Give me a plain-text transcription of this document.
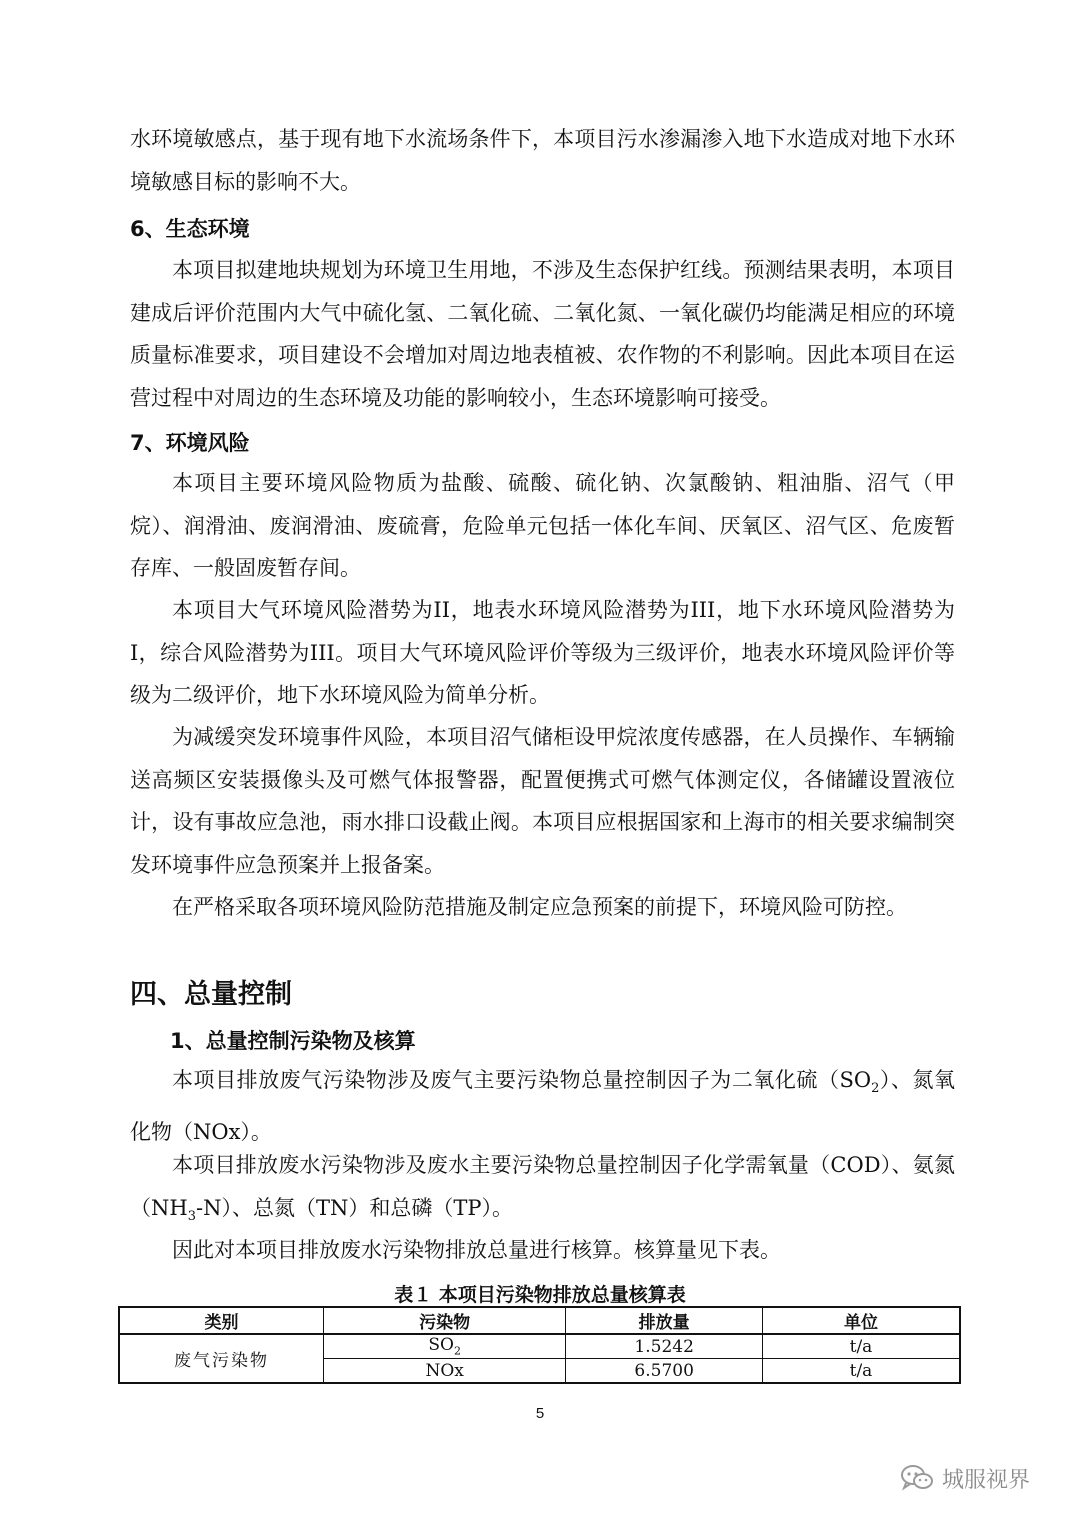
水环境敏感点，基于现有地下水流场条件下，本项目污水渗漏渗入地下水造成对地下水环境敏感目标的影响不大。

6、生态环境

本项目拟建地块规划为环境卫生用地，不涉及生态保护红线。预测结果表明，本项目建成后评价范围内大气中硫化氢、二氧化硫、二氧化氮、一氧化碳仍均能满足相应的环境质量标准要求，项目建设不会增加对周边地表植被、农作物的不利影响。因此本项目在运营过程中对周边的生态环境及功能的影响较小，生态环境影响可接受。

7、环境风险

本项目主要环境风险物质为盐酸、硫酸、硫化钠、次氯酸钠、粗油脂、沼气（甲烷）、润滑油、废润滑油、废硫膏，危险单元包括一体化车间、厌氧区、沼气区、危废暂存库、一般固废暂存间。

本项目大气环境风险潜势为II，地表水环境风险潜势为III，地下水环境风险潜势为Ⅰ，综合风险潜势为III。项目大气环境风险评价等级为三级评价，地表水环境风险评价等级为二级评价，地下水环境风险为简单分析。

为减缓突发环境事件风险，本项目沼气储柜设甲烷浓度传感器，在人员操作、车辆输送高频区安装摄像头及可燃气体报警器，配置便携式可燃气体测定仪，各储罐设置液位计，设有事故应急池，雨水排口设截止阀。本项目应根据国家和上海市的相关要求编制突发环境事件应急预案并上报备案。

在严格采取各项环境风险防范措施及制定应急预案的前提下，环境风险可防控。

四、总量控制
1、总量控制污染物及核算

本项目排放废气污染物涉及废气主要污染物总量控制因子为二氧化硫$(SO_2)$、氮氧化物（NOx）。

本项目排放废水污染物涉及废水主要污染物总量控制因子化学需氧量（COD）、氨氮$(NH_3-N)$、总氮（TN）和总磷（TP）。

因此对本项目排放废水污染物排放总量进行核算。核算量见下表。

表１ 本项目污染物排放总量核算表
类别	污染物	排放量	单位
废气污染物	$SO_2$	1.5242	t/a
	NOx	6.5700	t/a
5
城服视界
